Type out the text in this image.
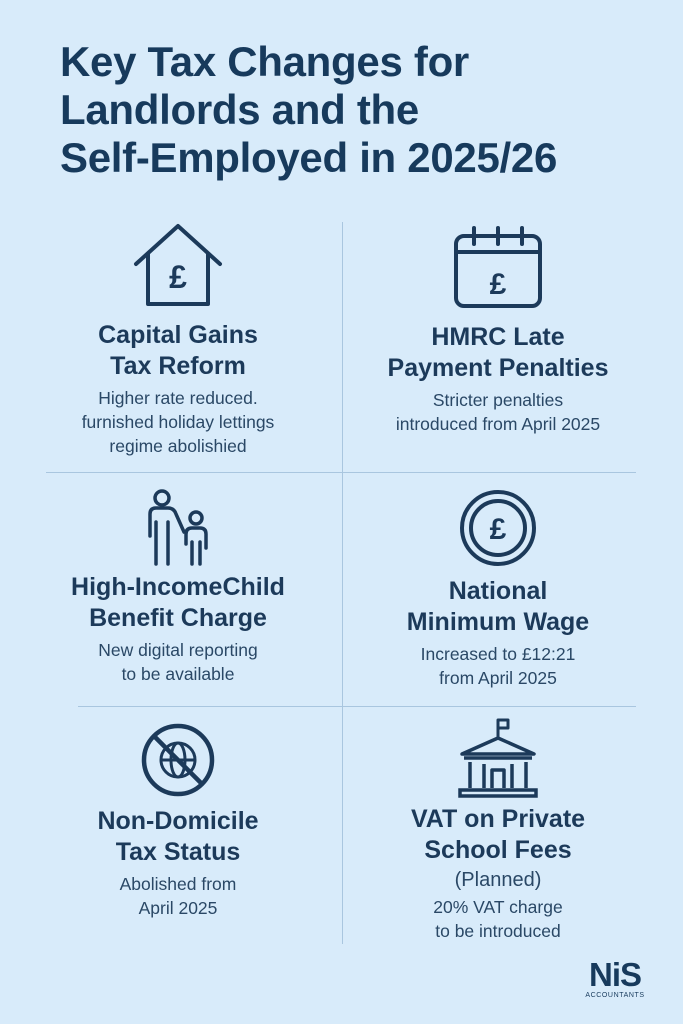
Key Tax Changes for
Landlords and the
Self-Employed in 2025/26
£
Capital Gains
Tax Reform
Higher rate reduced.
furnished holiday lettings
regime abolishied
£
HMRC Late
Payment Penalties
Stricter penalties
introduced from April 2025
High-IncomeChild
Benefit Charge
New digital reporting
to be available
£
National
Minimum Wage
Increased to £12:21
from April 2025
Non-Domicile
Tax Status
Abolished from
April 2025
VAT on Private
School Fees
(Planned)
20% VAT charge
to be introduced
NiS
ACCOUNTANTS
